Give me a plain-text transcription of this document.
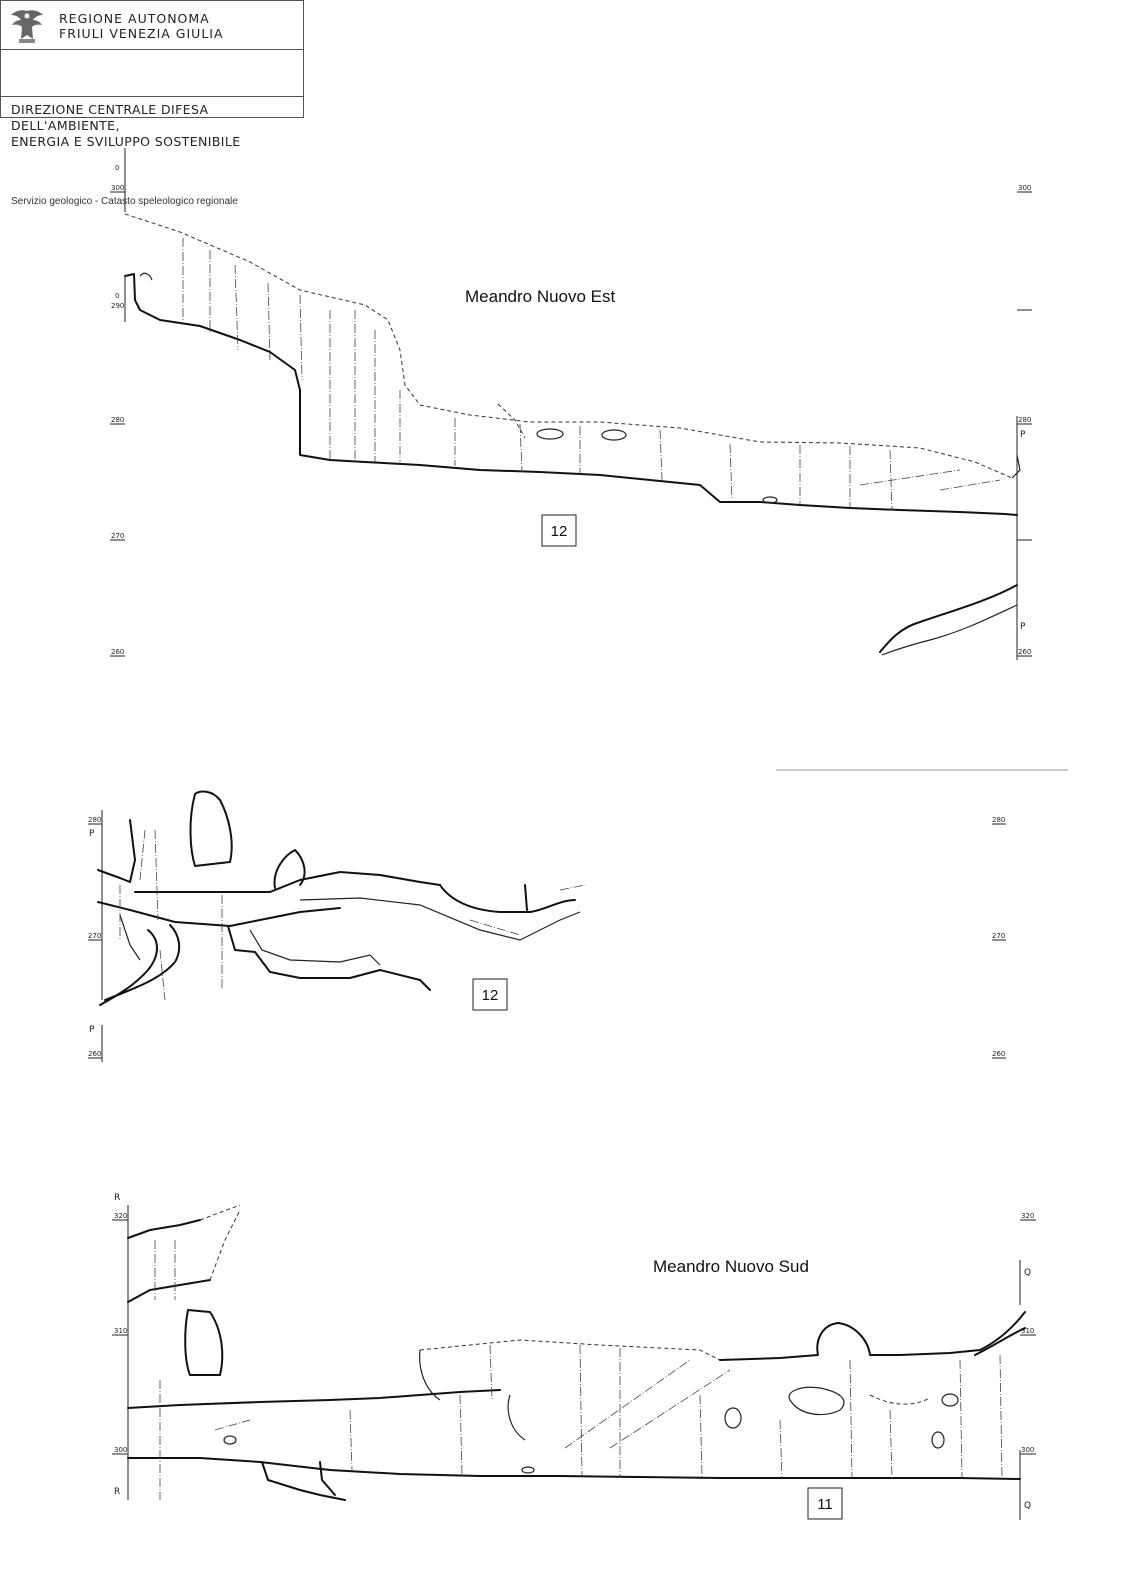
REGIONE AUTONOMA
FRIULI VENEZIA GIULIA
DIREZIONE CENTRALE DIFESA DELL'AMBIENTE,
ENERGIA E SVILUPPO SOSTENIBILE
Servizio geologico - Catasto speleologico regionale
0
300
0
290
280
270
260
300
280
260
P
P
Meandro Nuovo Est
12
280
270
260
P
P
280
270
260
12
320
310
300
R
R
320
310
300
Q
Q
Meandro Nuovo Sud
11
